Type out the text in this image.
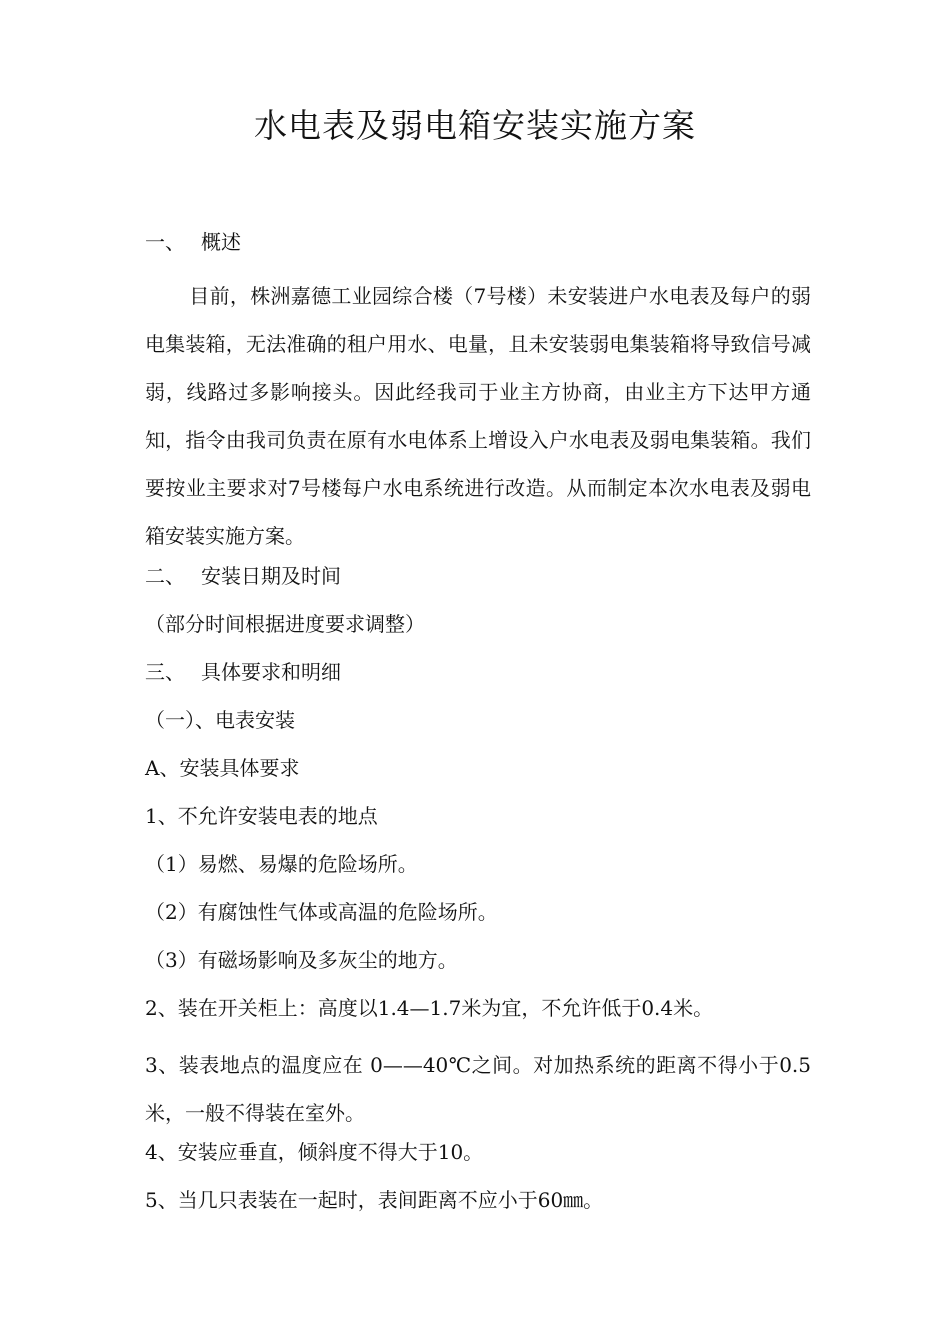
水电表及弱电箱安装实施方案
一、 概述
目前，株洲嘉德工业园综合楼（7号楼）未安装进户水电表及每户的弱电集装箱，无法准确的租户用水、电量，且未安装弱电集装箱将导致信号减弱，线路过多影响接头。因此经我司于业主方协商，由业主方下达甲方通知，指令由我司负责在原有水电体系上增设入户水电表及弱电集装箱。我们要按业主要求对7号楼每户水电系统进行改造。从而制定本次水电表及弱电箱安装实施方案。
二、 安装日期及时间
（部分时间根据进度要求调整）
三、 具体要求和明细
（一）、电表安装
A、安装具体要求
1、不允许安装电表的地点
（1）易燃、易爆的危险场所。
（2）有腐蚀性气体或高温的危险场所。
（3）有磁场影响及多灰尘的地方。
2、装在开关柜上：高度以1.4—1.7米为宜，不允许低于0.4米。
3、装表地点的温度应在 0——40℃之间。对加热系统的距离不得小于0.5米，一般不得装在室外。
4、安装应垂直，倾斜度不得大于10。
5、当几只表装在一起时，表间距离不应小于60㎜。
